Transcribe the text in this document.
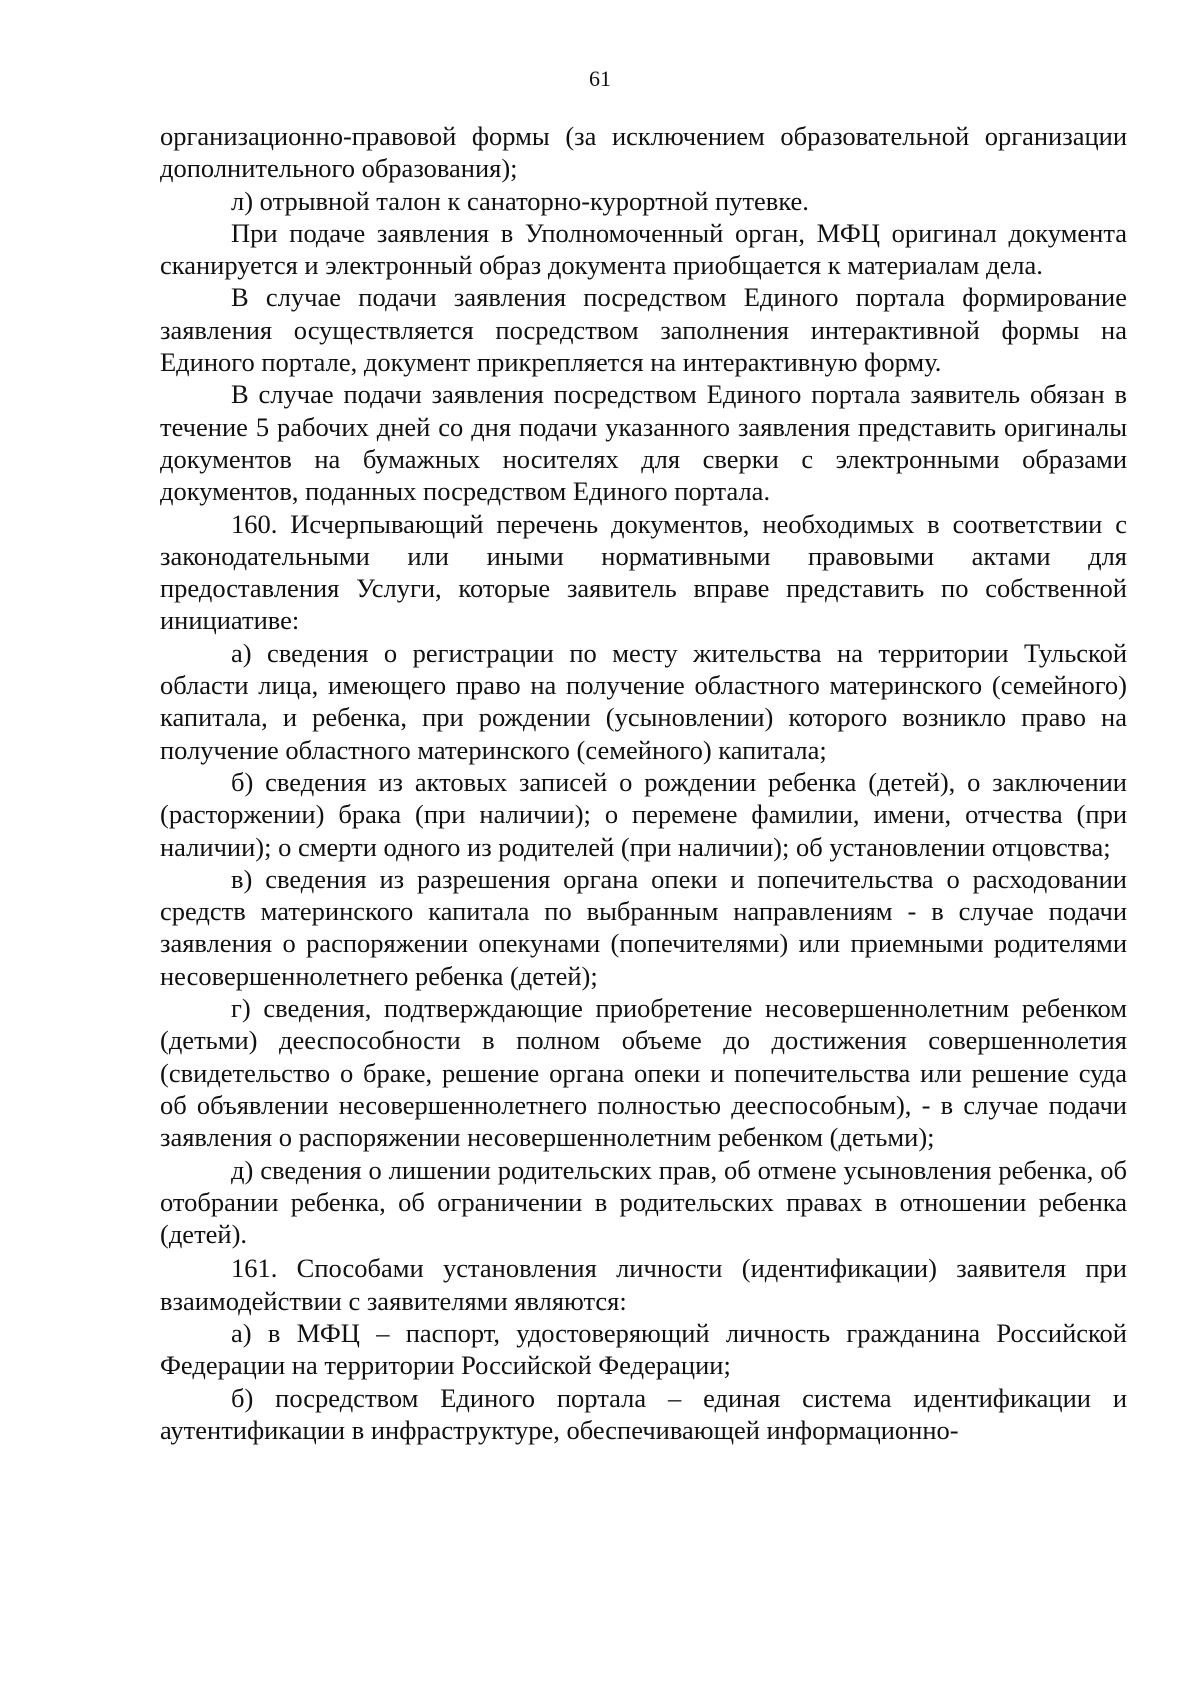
61

организационно-правовой формы (за исключением образовательной организации дополнительного образования);

л) отрывной талон к санаторно-курортной путевке.

При подаче заявления в Уполномоченный орган, МФЦ оригинал документа сканируется и электронный образ документа приобщается к материалам дела.

В случае подачи заявления посредством Единого портала формирование заявления осуществляется посредством заполнения интерактивной формы на Единого портале, документ прикрепляется на интерактивную форму.

В случае подачи заявления посредством Единого портала заявитель обязан в течение 5 рабочих дней со дня подачи указанного заявления представить оригиналы документов на бумажных носителях для сверки с электронными образами документов, поданных посредством Единого портала.

160. Исчерпывающий перечень документов, необходимых в соответствии с законодательными или иными нормативными правовыми актами для предоставления Услуги, которые заявитель вправе представить по собственной инициативе:

а) сведения о регистрации по месту жительства на территории Тульской области лица, имеющего право на получение областного материнского (семейного) капитала, и ребенка, при рождении (усыновлении) которого возникло право на получение областного материнского (семейного) капитала;

б) сведения из актовых записей о рождении ребенка (детей), о заключении (расторжении) брака (при наличии); о перемене фамилии, имени, отчества (при наличии); о смерти одного из родителей (при наличии); об установлении отцовства;

в) сведения из разрешения органа опеки и попечительства о расходовании средств материнского капитала по выбранным направлениям - в случае подачи заявления о распоряжении опекунами (попечителями) или приемными родителями несовершеннолетнего ребенка (детей);

г) сведения, подтверждающие приобретение несовершеннолетним ребенком (детьми) дееспособности в полном объеме до достижения совершеннолетия (свидетельство о браке, решение органа опеки и попечительства или решение суда об объявлении несовершеннолетнего полностью дееспособным), - в случае подачи заявления о распоряжении несовершеннолетним ребенком (детьми);

д) сведения о лишении родительских прав, об отмене усыновления ребенка, об отобрании ребенка, об ограничении в родительских правах в отношении ребенка (детей).

161. Способами установления личности (идентификации) заявителя при взаимодействии с заявителями являются:

а) в МФЦ – паспорт, удостоверяющий личность гражданина Российской Федерации на территории Российской Федерации;

б) посредством Единого портала – единая система идентификации и аутентификации в инфраструктуре, обеспечивающей информационно-
